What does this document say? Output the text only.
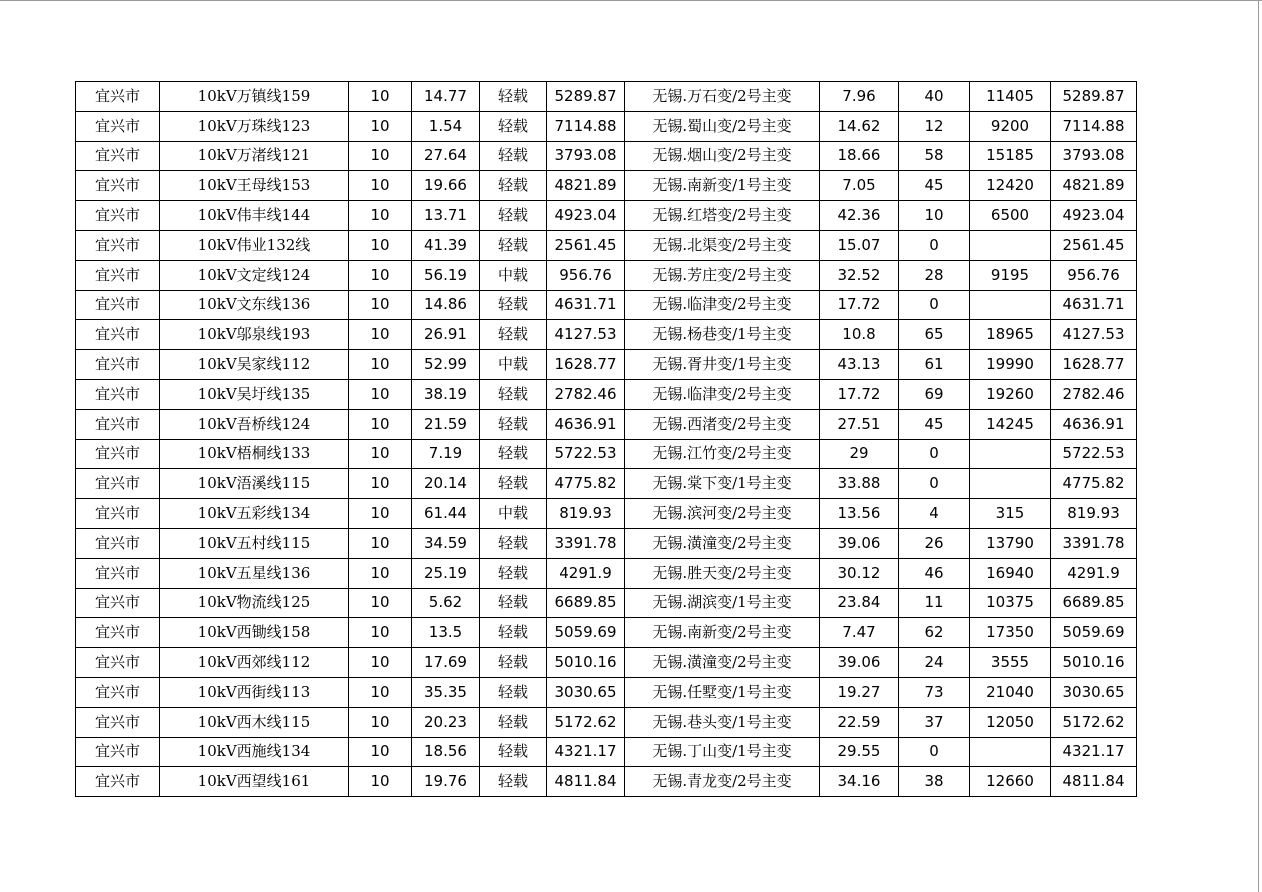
宜兴市	10kV万镇线159	10	14.77	轻载	5289.87	无锡.万石变/2号主变	7.96	40	11405	5289.87
宜兴市	10kV万珠线123	10	1.54	轻载	7114.88	无锡.蜀山变/2号主变	14.62	12	9200	7114.88
宜兴市	10kV万渚线121	10	27.64	轻载	3793.08	无锡.烟山变/2号主变	18.66	58	15185	3793.08
宜兴市	10kV王母线153	10	19.66	轻载	4821.89	无锡.南新变/1号主变	7.05	45	12420	4821.89
宜兴市	10kV伟丰线144	10	13.71	轻载	4923.04	无锡.红塔变/2号主变	42.36	10	6500	4923.04
宜兴市	10kV伟业132线	10	41.39	轻载	2561.45	无锡.北渠变/2号主变	15.07	0		2561.45
宜兴市	10kV文定线124	10	56.19	中载	956.76	无锡.芳庄变/2号主变	32.52	28	9195	956.76
宜兴市	10kV文东线136	10	14.86	轻载	4631.71	无锡.临津变/2号主变	17.72	0		4631.71
宜兴市	10kV邬泉线193	10	26.91	轻载	4127.53	无锡.杨巷变/1号主变	10.8	65	18965	4127.53
宜兴市	10kV吴家线112	10	52.99	中载	1628.77	无锡.胥井变/1号主变	43.13	61	19990	1628.77
宜兴市	10kV吴圩线135	10	38.19	轻载	2782.46	无锡.临津变/2号主变	17.72	69	19260	2782.46
宜兴市	10kV吾桥线124	10	21.59	轻载	4636.91	无锡.西渚变/2号主变	27.51	45	14245	4636.91
宜兴市	10kV梧桐线133	10	7.19	轻载	5722.53	无锡.江竹变/2号主变	29	0		5722.53
宜兴市	10kV浯溪线115	10	20.14	轻载	4775.82	无锡.棠下变/1号主变	33.88	0		4775.82
宜兴市	10kV五彩线134	10	61.44	中载	819.93	无锡.滨河变/2号主变	13.56	4	315	819.93
宜兴市	10kV五村线115	10	34.59	轻载	3391.78	无锡.潢潼变/2号主变	39.06	26	13790	3391.78
宜兴市	10kV五星线136	10	25.19	轻载	4291.9	无锡.胜天变/2号主变	30.12	46	16940	4291.9
宜兴市	10kV物流线125	10	5.62	轻载	6689.85	无锡.湖滨变/1号主变	23.84	11	10375	6689.85
宜兴市	10kV西锄线158	10	13.5	轻载	5059.69	无锡.南新变/2号主变	7.47	62	17350	5059.69
宜兴市	10kV西郊线112	10	17.69	轻载	5010.16	无锡.潢潼变/2号主变	39.06	24	3555	5010.16
宜兴市	10kV西街线113	10	35.35	轻载	3030.65	无锡.任墅变/1号主变	19.27	73	21040	3030.65
宜兴市	10kV西木线115	10	20.23	轻载	5172.62	无锡.巷头变/1号主变	22.59	37	12050	5172.62
宜兴市	10kV西施线134	10	18.56	轻载	4321.17	无锡.丁山变/1号主变	29.55	0		4321.17
宜兴市	10kV西望线161	10	19.76	轻载	4811.84	无锡.青龙变/2号主变	34.16	38	12660	4811.84
